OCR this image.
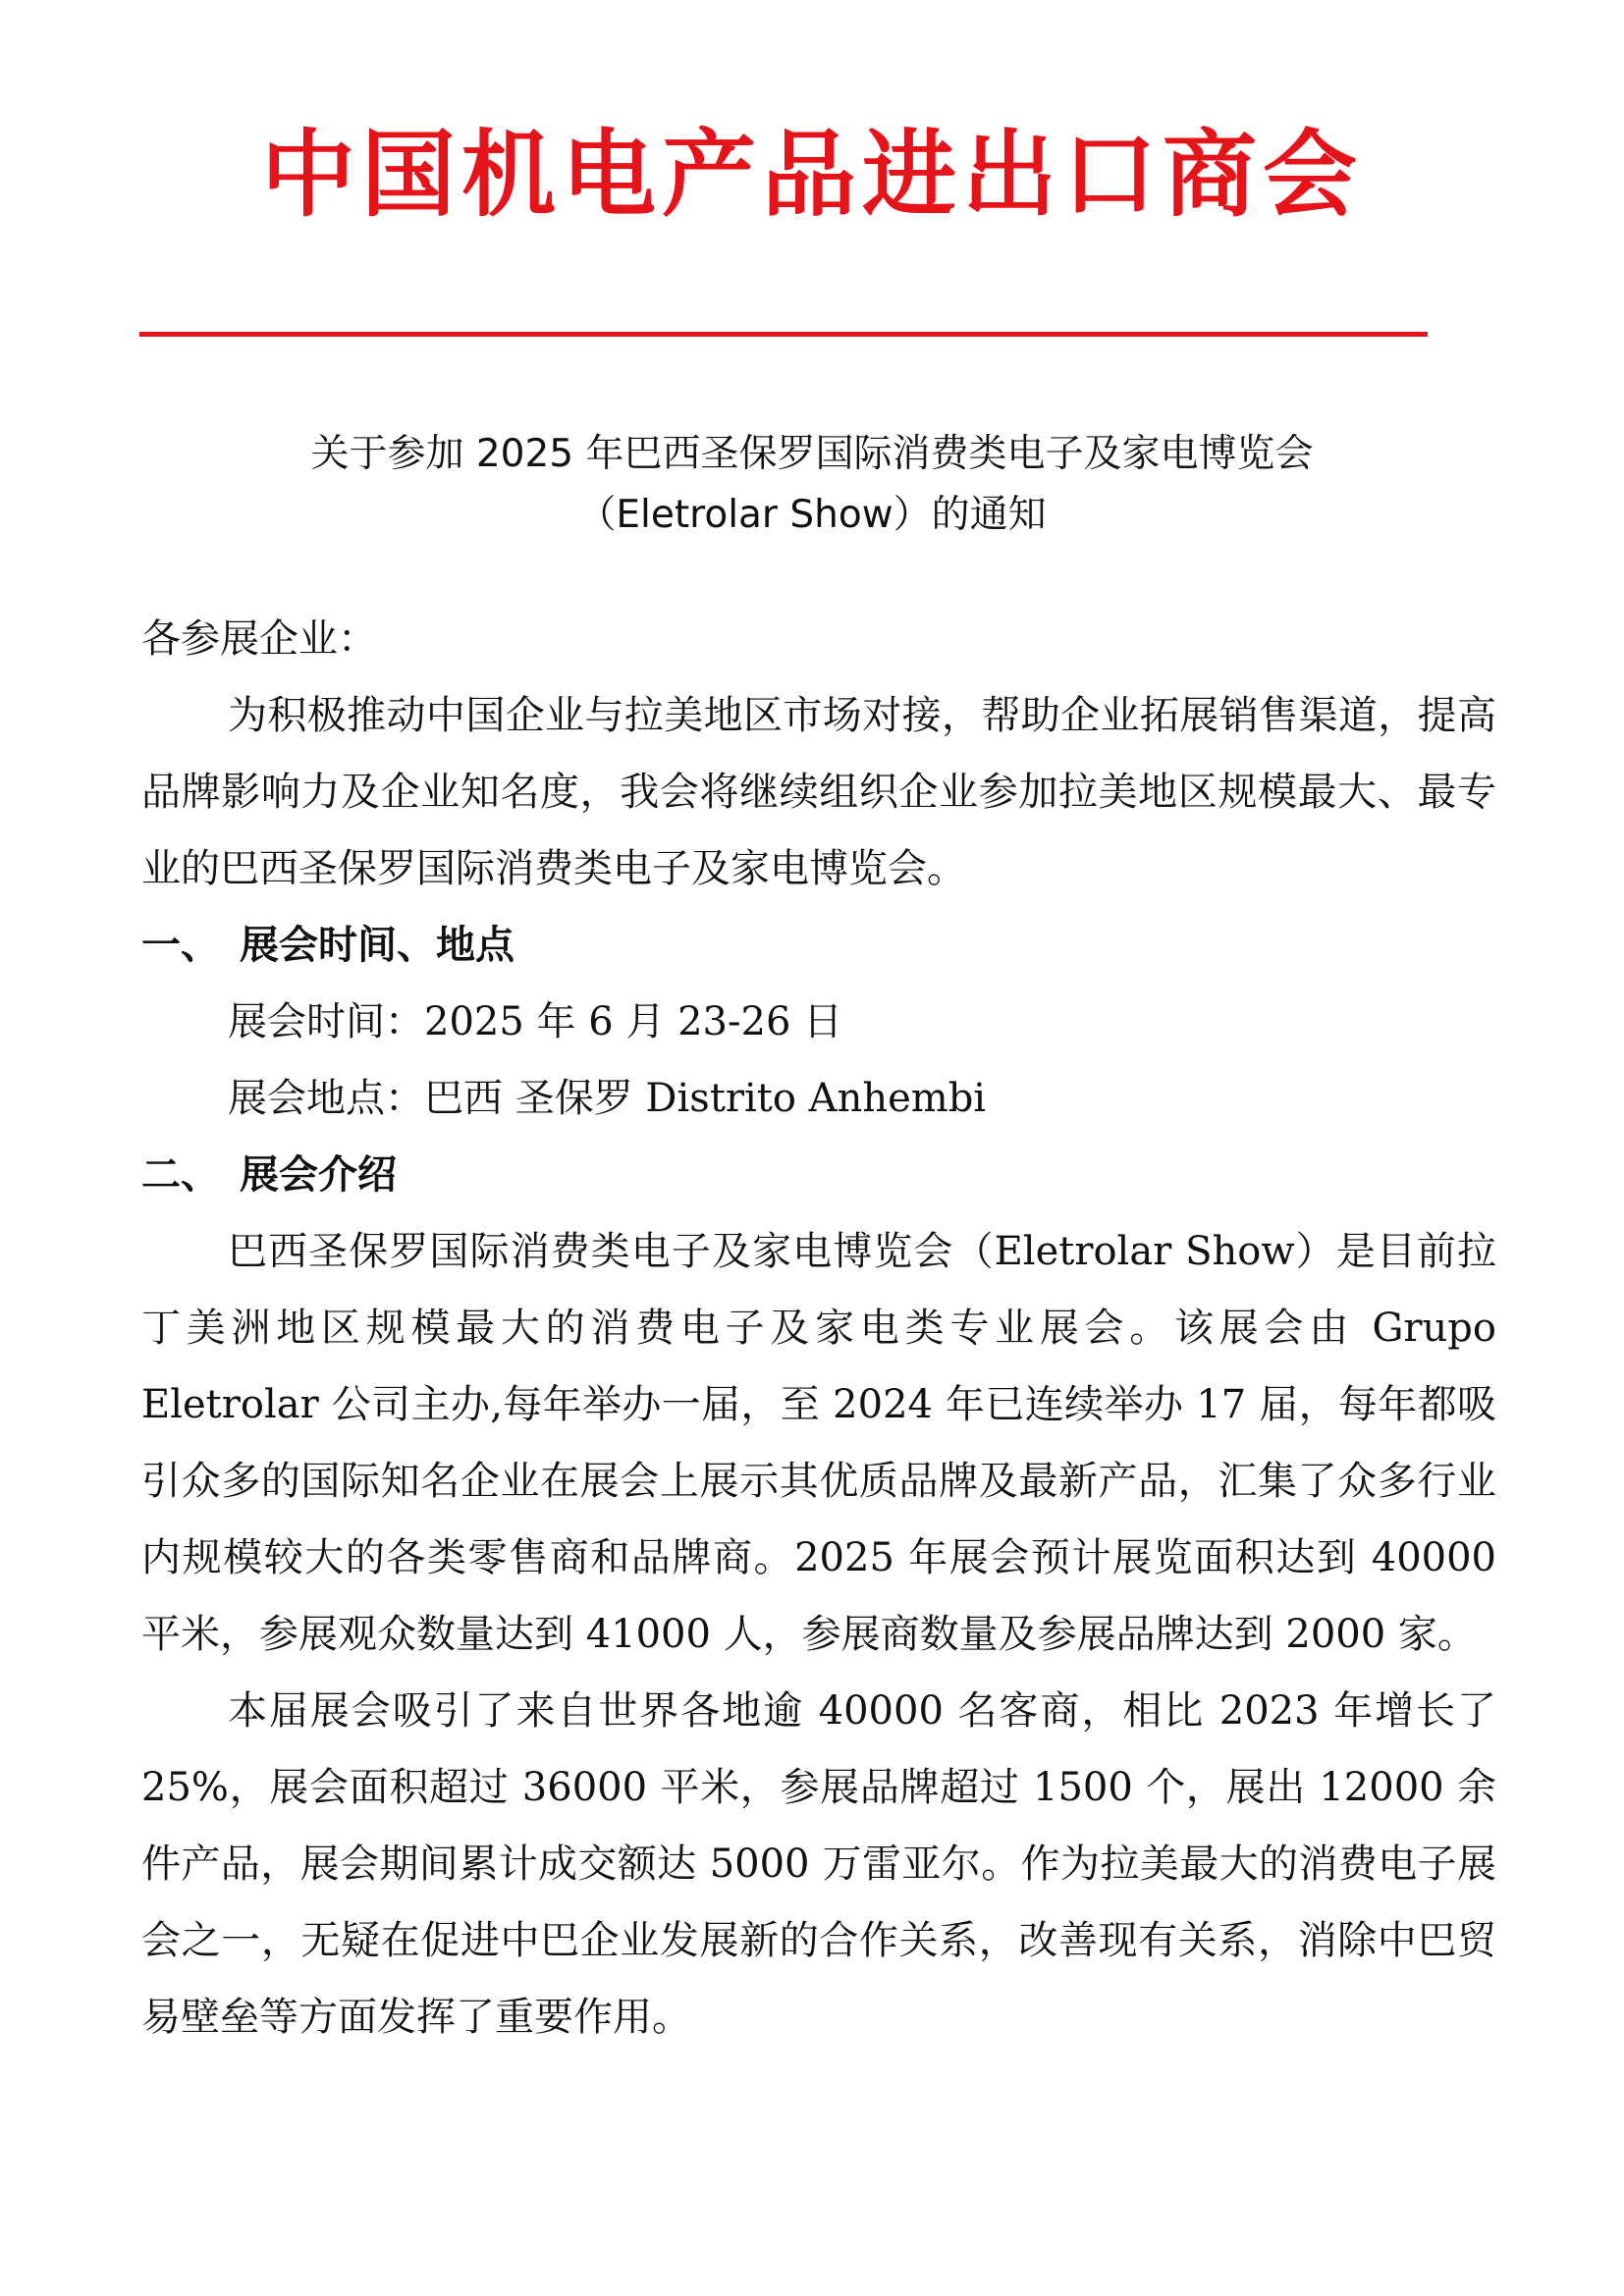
中国机电产品进出口商会
关于参加 2025 年巴西圣保罗国际消费类电子及家电博览会
（Eletrolar Show）的通知

各参展企业：

为积极推动中国企业与拉美地区市场对接，帮助企业拓展销售渠道，提高品牌影响力及企业知名度，我会将继续组织企业参加拉美地区规模最大、最专业的巴西圣保罗国际消费类电子及家电博览会。

一、 展会时间、地点

展会时间：2025 年 6 月 23-26 日

展会地点：巴西 圣保罗 Distrito Anhembi

二、 展会介绍

巴西圣保罗国际消费类电子及家电博览会（Eletrolar Show）是目前拉丁美洲地区规模最大的消费电子及家电类专业展会。该展会由 Grupo Eletrolar 公司主办,每年举办一届，至 2024 年已连续举办 17 届，每年都吸引众多的国际知名企业在展会上展示其优质品牌及最新产品，汇集了众多行业内规模较大的各类零售商和品牌商。2025 年展会预计展览面积达到 40000 平米，参展观众数量达到 41000 人，参展商数量及参展品牌达到 2000 家。

本届展会吸引了来自世界各地逾 40000 名客商，相比 2023 年增长了 25%，展会面积超过 36000 平米，参展品牌超过 1500 个，展出 12000 余件产品，展会期间累计成交额达 5000 万雷亚尔。作为拉美最大的消费电子展会之一，无疑在促进中巴企业发展新的合作关系，改善现有关系，消除中巴贸易壁垒等方面发挥了重要作用。
